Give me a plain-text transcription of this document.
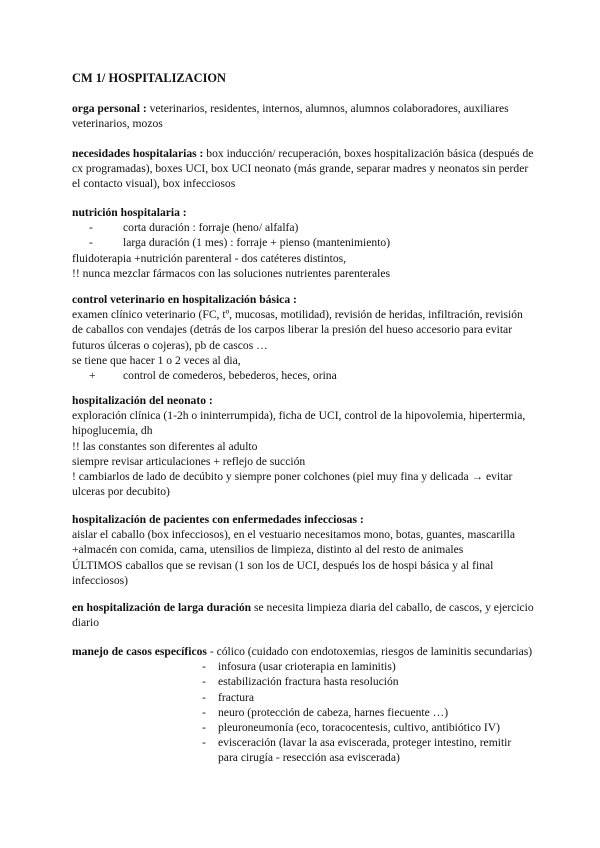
CM 1/ HOSPITALIZACION

orga personal : veterinarios, residentes, internos, alumnos, alumnos colaboradores, auxiliares veterinarios, mozos

necesidades hospitalarias : box inducción/ recuperación, boxes hospitalización básica (después de cx programadas), boxes UCI, box UCI neonato (más grande, separar madres y neonatos sin perder el contacto visual), box infecciosos

nutrición hospitalaria :

-	corta duración : forraje (heno/ alfalfa)
-	larga duración (1 mes) : forraje + pienso (mantenimiento)

fluidoterapia +nutrición parenteral - dos catéteres distintos,

!! nunca mezclar fármacos con las soluciones nutrientes parenterales

control veterinario en hospitalización básica :

examen clínico veterinario (FC, tº, mucosas, motilidad), revisión de heridas, infiltración, revisión de caballos con vendajes (detrás de los carpos liberar la presión del hueso accesorio para evitar futuros úlceras o cojeras), pb de cascos …

se tiene que hacer 1 o 2 veces al dia,

+	control de comederos, bebederos, heces, orina

hospitalización del neonato :

exploración clínica (1-2h o ininterrumpida), ficha de UCI, control de la hipovolemia, hipertermia, hipoglucemia, dh

!! las constantes son diferentes al adulto

siempre revisar articulaciones + reflejo de succión

! cambiarlos de lado de decúbito y siempre poner colchones (piel muy fina y delicada → evitar ulceras por decubito)

hospitalización de pacientes con enfermedades infecciosas :

aislar el caballo (box infecciosos), en el vestuario necesitamos mono, botas, guantes, mascarilla

+almacén con comida, cama, utensilios de limpieza, distinto al del resto de animales

ÚLTIMOS caballos que se revisan (1 son los de UCI, después los de hospi básica y al final infecciosos)

en hospitalización de larga duración se necesita limpieza diaria del caballo, de cascos, y ejercicio diario

manejo de casos específicos - cólico (cuidado con endotoxemias, riesgos de laminitis secundarias)

- infosura (usar crioterapia en laminitis)
- estabilización fractura hasta resolución
- fractura
- neuro (protección de cabeza, harnes fiecuente …)
- pleuroneumonía (eco, toracocentesis, cultivo, antibiótico IV)
- evisceración (lavar la asa eviscerada, proteger intestino, remitir para cirugía - resección asa eviscerada)
